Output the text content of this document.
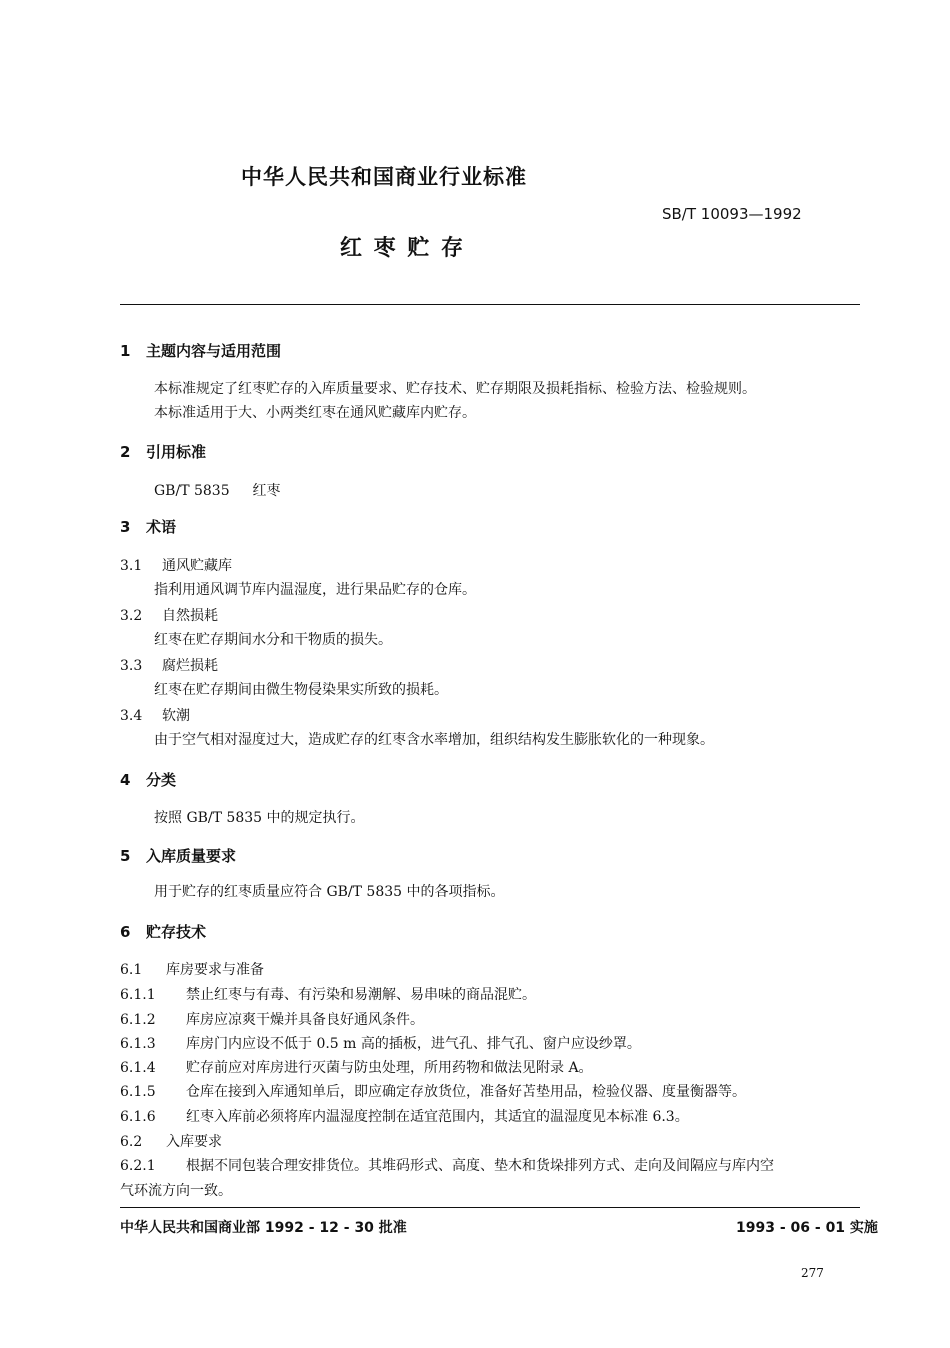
中华人民共和国商业行业标准
SB/T 10093—1992
红 枣 贮 存
1 主题内容与适用范围
本标准规定了红枣贮存的入库质量要求、贮存技术、贮存期限及损耗指标、检验方法、检验规则。
本标准适用于大、小两类红枣在通风贮藏库内贮存。
2 引用标准
GB/T 5835 红枣
3 术语
3.1 通风贮藏库
指利用通风调节库内温湿度，进行果品贮存的仓库。
3.2 自然损耗
红枣在贮存期间水分和干物质的损失。
3.3 腐烂损耗
红枣在贮存期间由微生物侵染果实所致的损耗。
3.4 软潮
由于空气相对湿度过大，造成贮存的红枣含水率增加，组织结构发生膨胀软化的一种现象。
4 分类
按照 GB/T 5835 中的规定执行。
5 入库质量要求
用于贮存的红枣质量应符合 GB/T 5835 中的各项指标。
6 贮存技术
6.1 库房要求与准备
6.1.1 禁止红枣与有毒、有污染和易潮解、易串味的商品混贮。
6.1.2 库房应凉爽干燥并具备良好通风条件。
6.1.3 库房门内应设不低于 0.5 m 高的插板，进气孔、排气孔、窗户应设纱罩。
6.1.4 贮存前应对库房进行灭菌与防虫处理，所用药物和做法见附录 A。
6.1.5 仓库在接到入库通知单后，即应确定存放货位，准备好苫垫用品，检验仪器、度量衡器等。
6.1.6 红枣入库前必须将库内温湿度控制在适宜范围内，其适宜的温湿度见本标准 6.3。
6.2 入库要求
6.2.1 根据不同包装合理安排货位。其堆码形式、高度、垫木和货垛排列方式、走向及间隔应与库内空
气环流方向一致。
中华人民共和国商业部 1992 - 12 - 30 批准	1993 - 06 - 01 实施
277
